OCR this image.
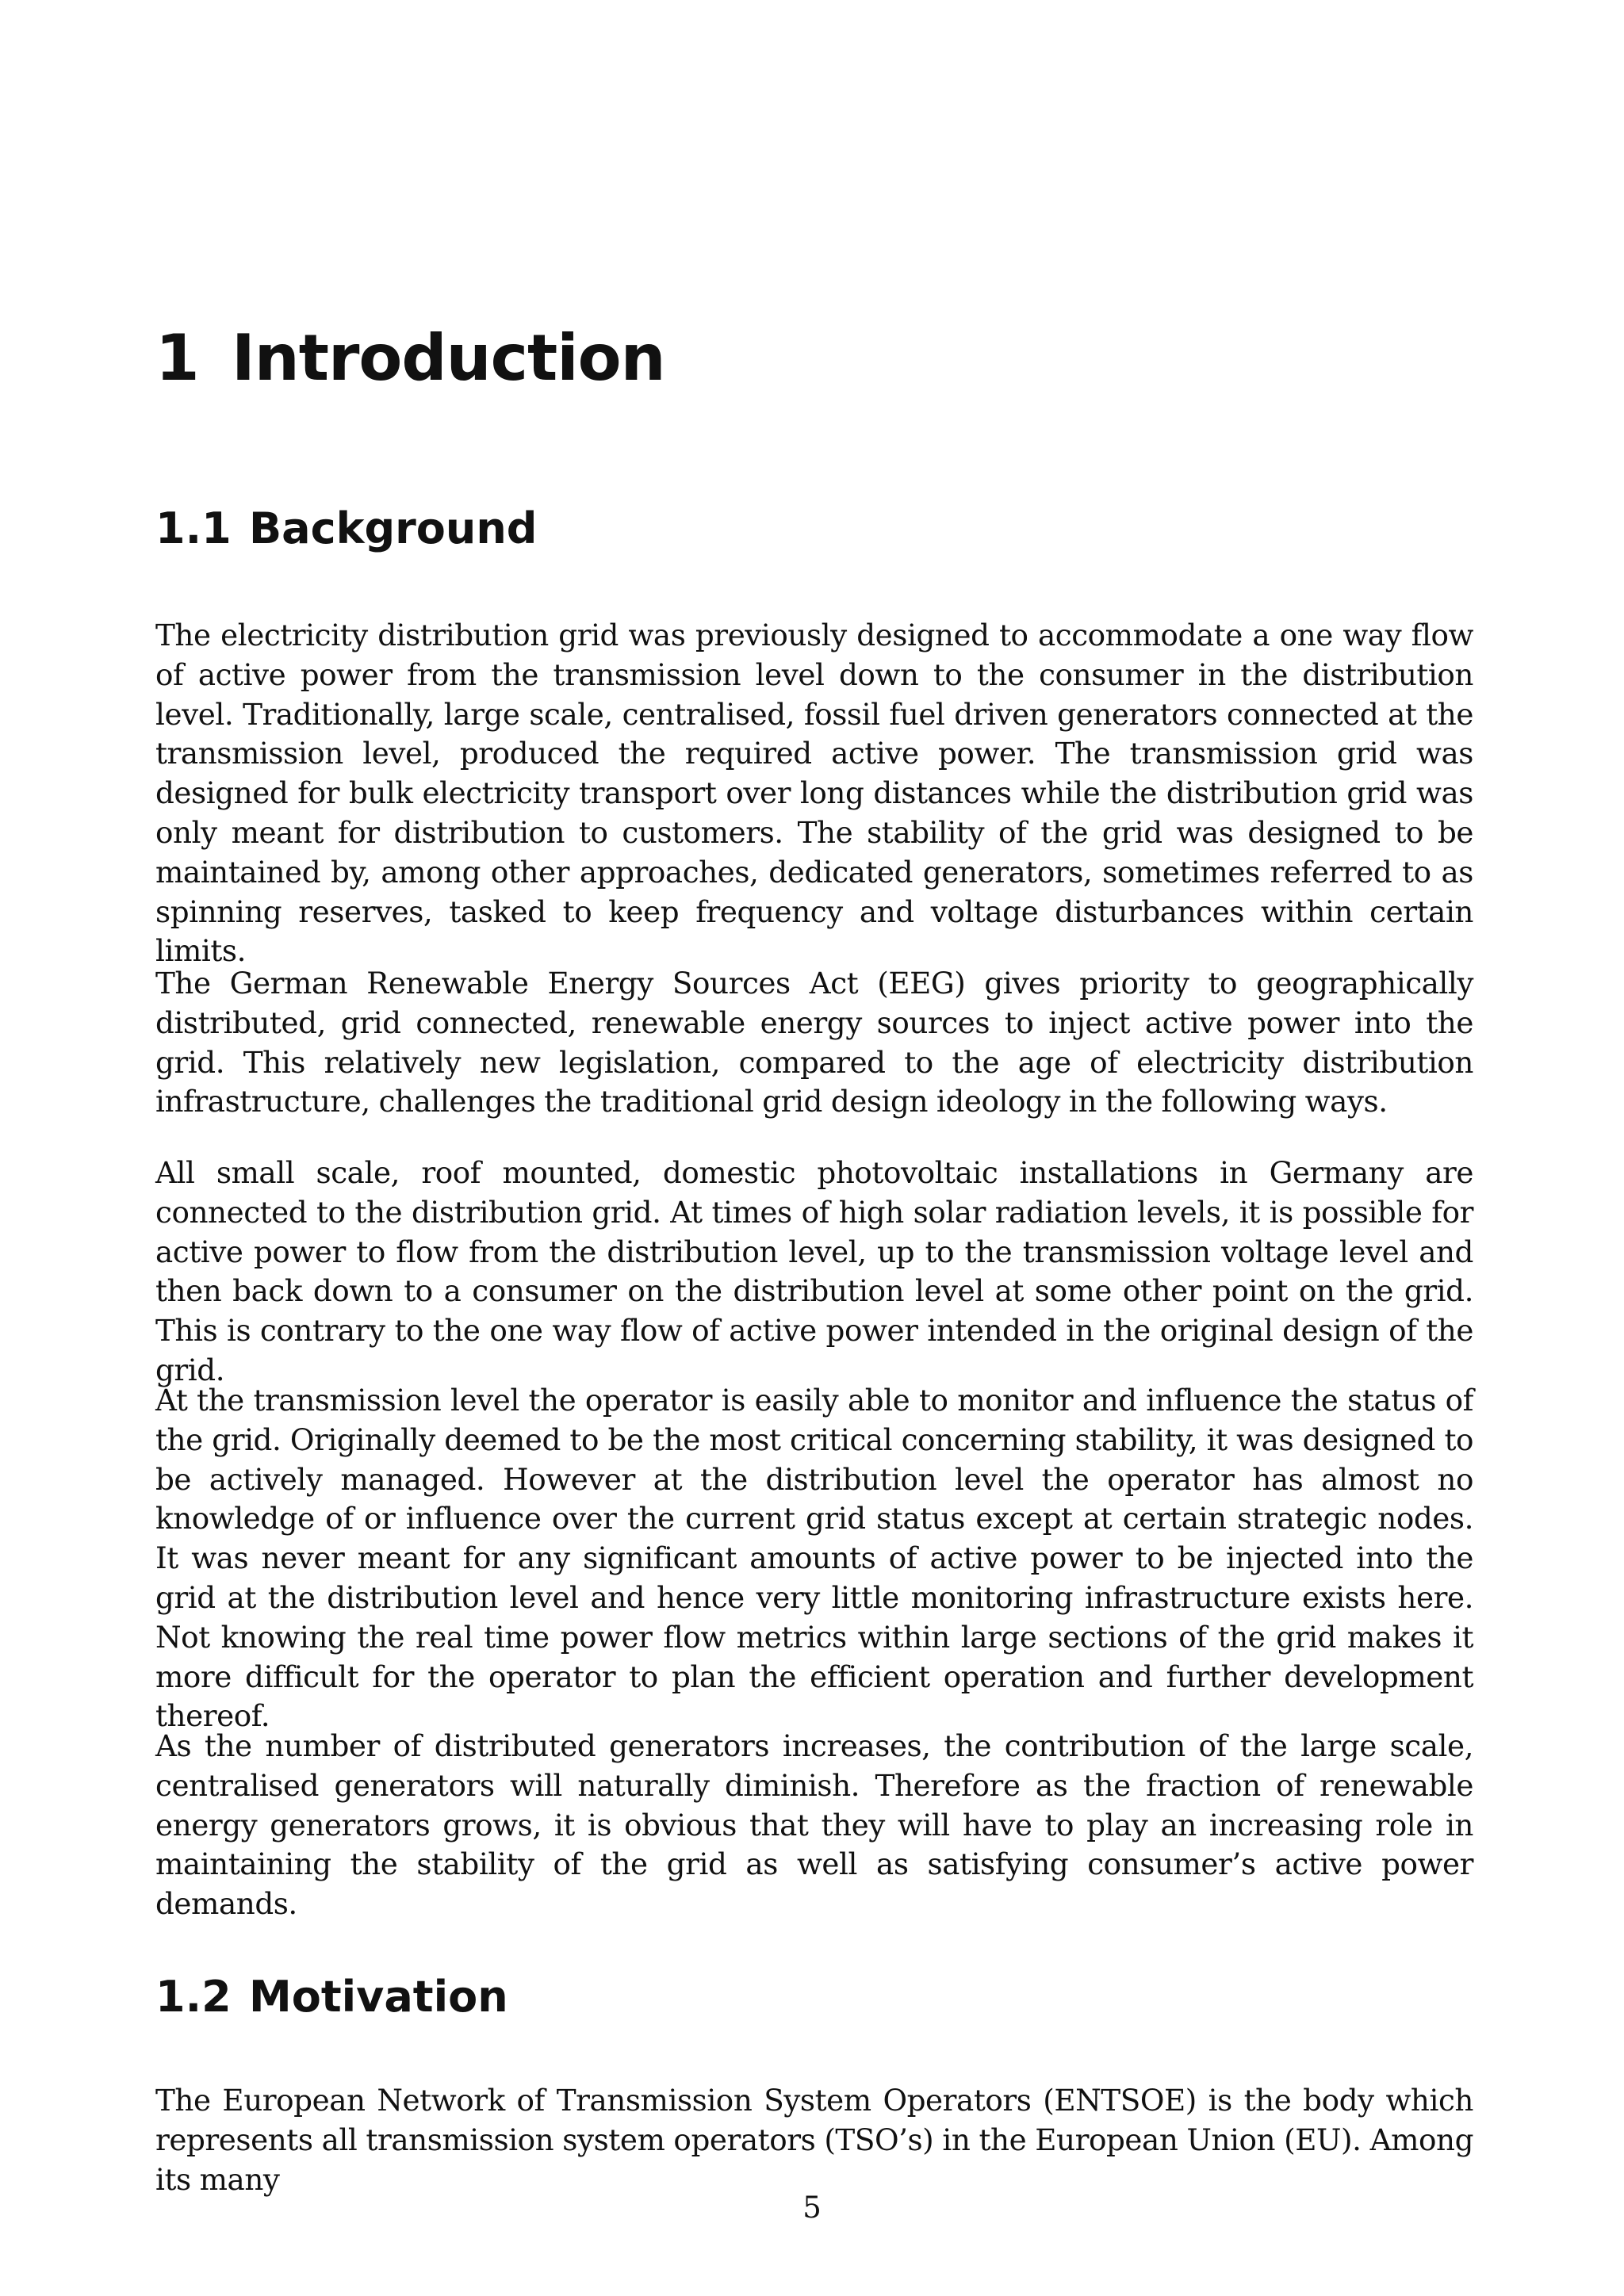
1 Introduction
1.1 Background

The electricity distribution grid was previously designed to accommodate a one way flow of active power from the transmission level down to the consumer in the distribution level. Traditionally, large scale, centralised, fossil fuel driven generators connected at the transmission level, produced the required active power. The transmission grid was designed for bulk electricity transport over long distances while the distribution grid was only meant for distribution to customers. The stability of the grid was designed to be maintained by, among other approaches, dedicated generators, sometimes referred to as spinning reserves, tasked to keep frequency and voltage disturbances within certain limits.

The German Renewable Energy Sources Act (EEG) gives priority to geographically distributed, grid connected, renewable energy sources to inject active power into the grid. This relatively new legislation, compared to the age of electricity distribution infrastructure, challenges the traditional grid design ideology in the following ways.

All small scale, roof mounted, domestic photovoltaic installations in Germany are connected to the distribution grid. At times of high solar radiation levels, it is possible for active power to flow from the distribution level, up to the transmission voltage level and then back down to a consumer on the distribution level at some other point on the grid. This is contrary to the one way flow of active power intended in the original design of the grid.

At the transmission level the operator is easily able to monitor and influence the status of the grid. Originally deemed to be the most critical concerning stability, it was designed to be actively managed. However at the distribution level the operator has almost no knowledge of or influence over the current grid status except at certain strategic nodes. It was never meant for any significant amounts of active power to be injected into the grid at the distribution level and hence very little monitoring infrastructure exists here. Not knowing the real time power flow metrics within large sections of the grid makes it more difficult for the operator to plan the efficient operation and further development thereof.

As the number of distributed generators increases, the contribution of the large scale, centralised generators will naturally diminish. Therefore as the fraction of renewable energy generators grows, it is obvious that they will have to play an increasing role in maintaining the stability of the grid as well as satisfying consumer’s active power demands.

1.2 Motivation

The European Network of Transmission System Operators (ENTSOE) is the body which represents all transmission system operators (TSO’s) in the European Union (EU). Among its many

5
